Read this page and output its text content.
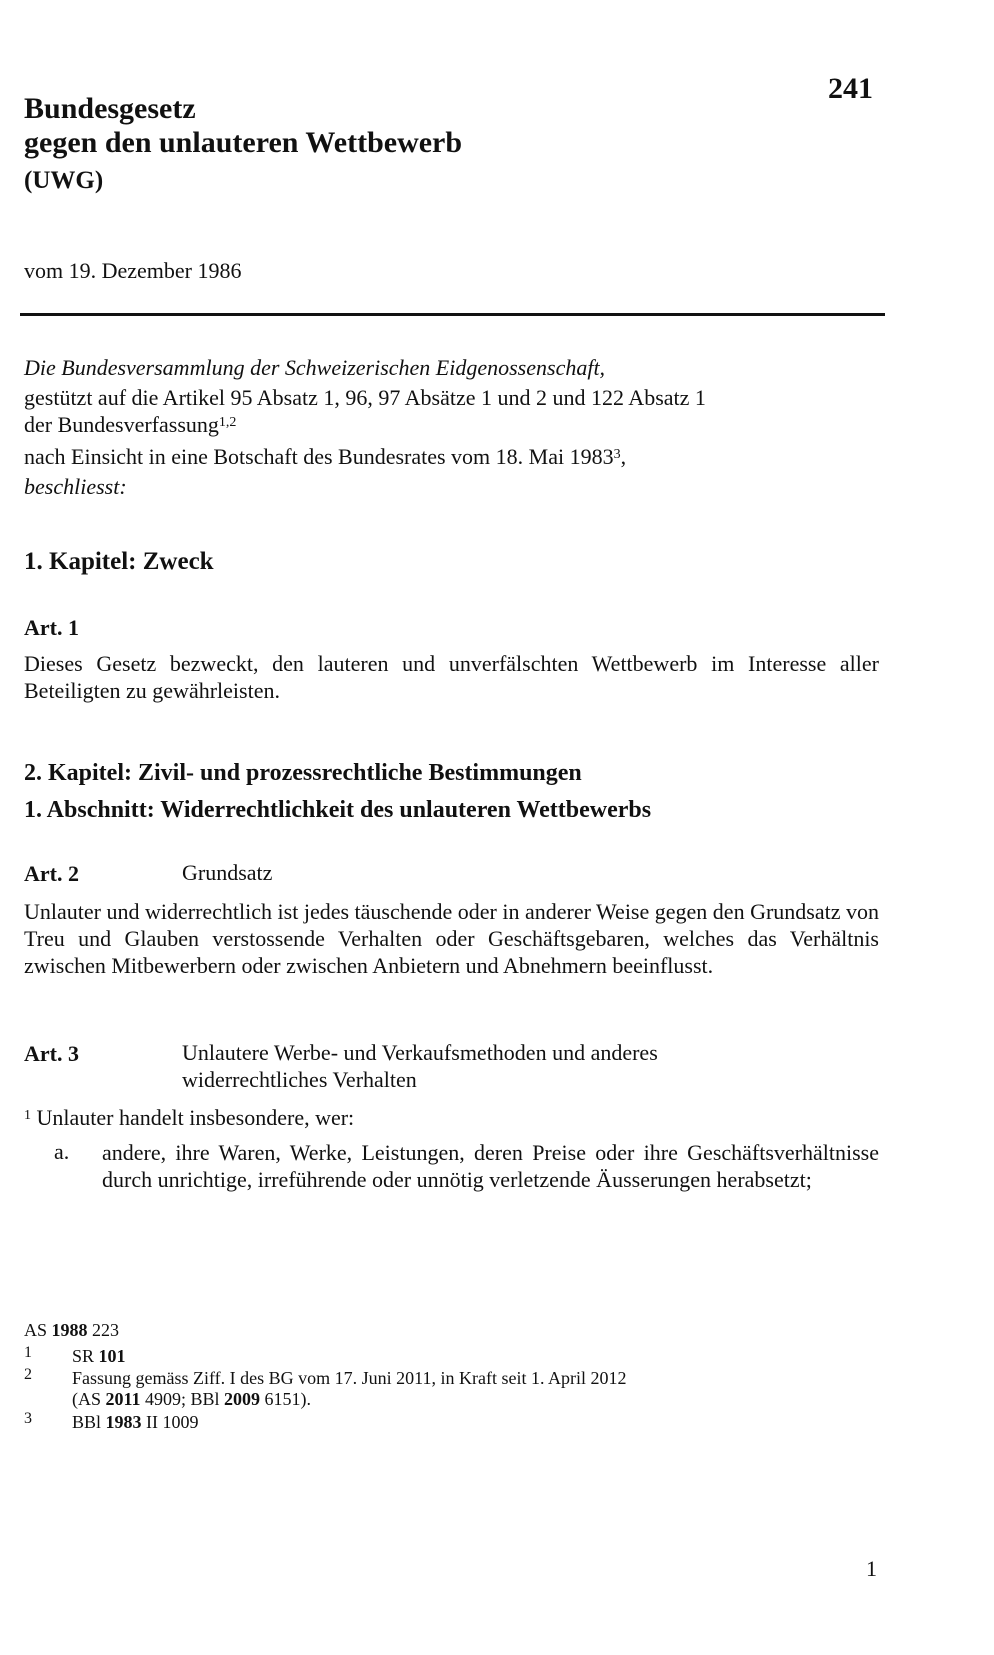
241
Bundesgesetz
gegen den unlauteren Wettbewerb
(UWG)
vom 19. Dezember 1986

Die Bundesversammlung der Schweizerischen Eidgenossenschaft,

gestützt auf die Artikel 95 Absatz 1, 96, 97 Absätze 1 und 2 und 122 Absatz 1
der Bundesverfassung$^{1,2}$

nach Einsicht in eine Botschaft des Bundesrates vom 18. Mai 1983$^3$,

beschliesst:

1. Kapitel: Zweck
Art. 1
Dieses Gesetz bezweckt, den lauteren und unverfälschten Wettbewerb im Interesse aller Beteiligten zu gewährleisten.
2. Kapitel: Zivil- und prozessrechtliche Bestimmungen
1. Abschnitt: Widerrechtlichkeit des unlauteren Wettbewerbs
Art. 2	Grundsatz
Unlauter und widerrechtlich ist jedes täuschende oder in anderer Weise gegen den Grundsatz von Treu und Glauben verstossende Verhalten oder Geschäftsgebaren, welches das Verhältnis zwischen Mitbewerbern oder zwischen Anbietern und Abnehmern beeinflusst.
Art. 3	Unlautere Werbe- und Verkaufsmethoden und anderes
widerrechtliches Verhalten
$^1$ Unlauter handelt insbesondere, wer:
a. andere, ihre Waren, Werke, Leistungen, deren Preise oder ihre Geschäftsverhältnisse durch unrichtige, irreführende oder unnötig verletzende Äusserungen herabsetzt;
AS 1988 223
1 SR 101
2 Fassung gemäss Ziff. I des BG vom 17. Juni 2011, in Kraft seit 1. April 2012
(AS 2011 4909; BBl 2009 6151).
3 BBl 1983 II 1009
1
